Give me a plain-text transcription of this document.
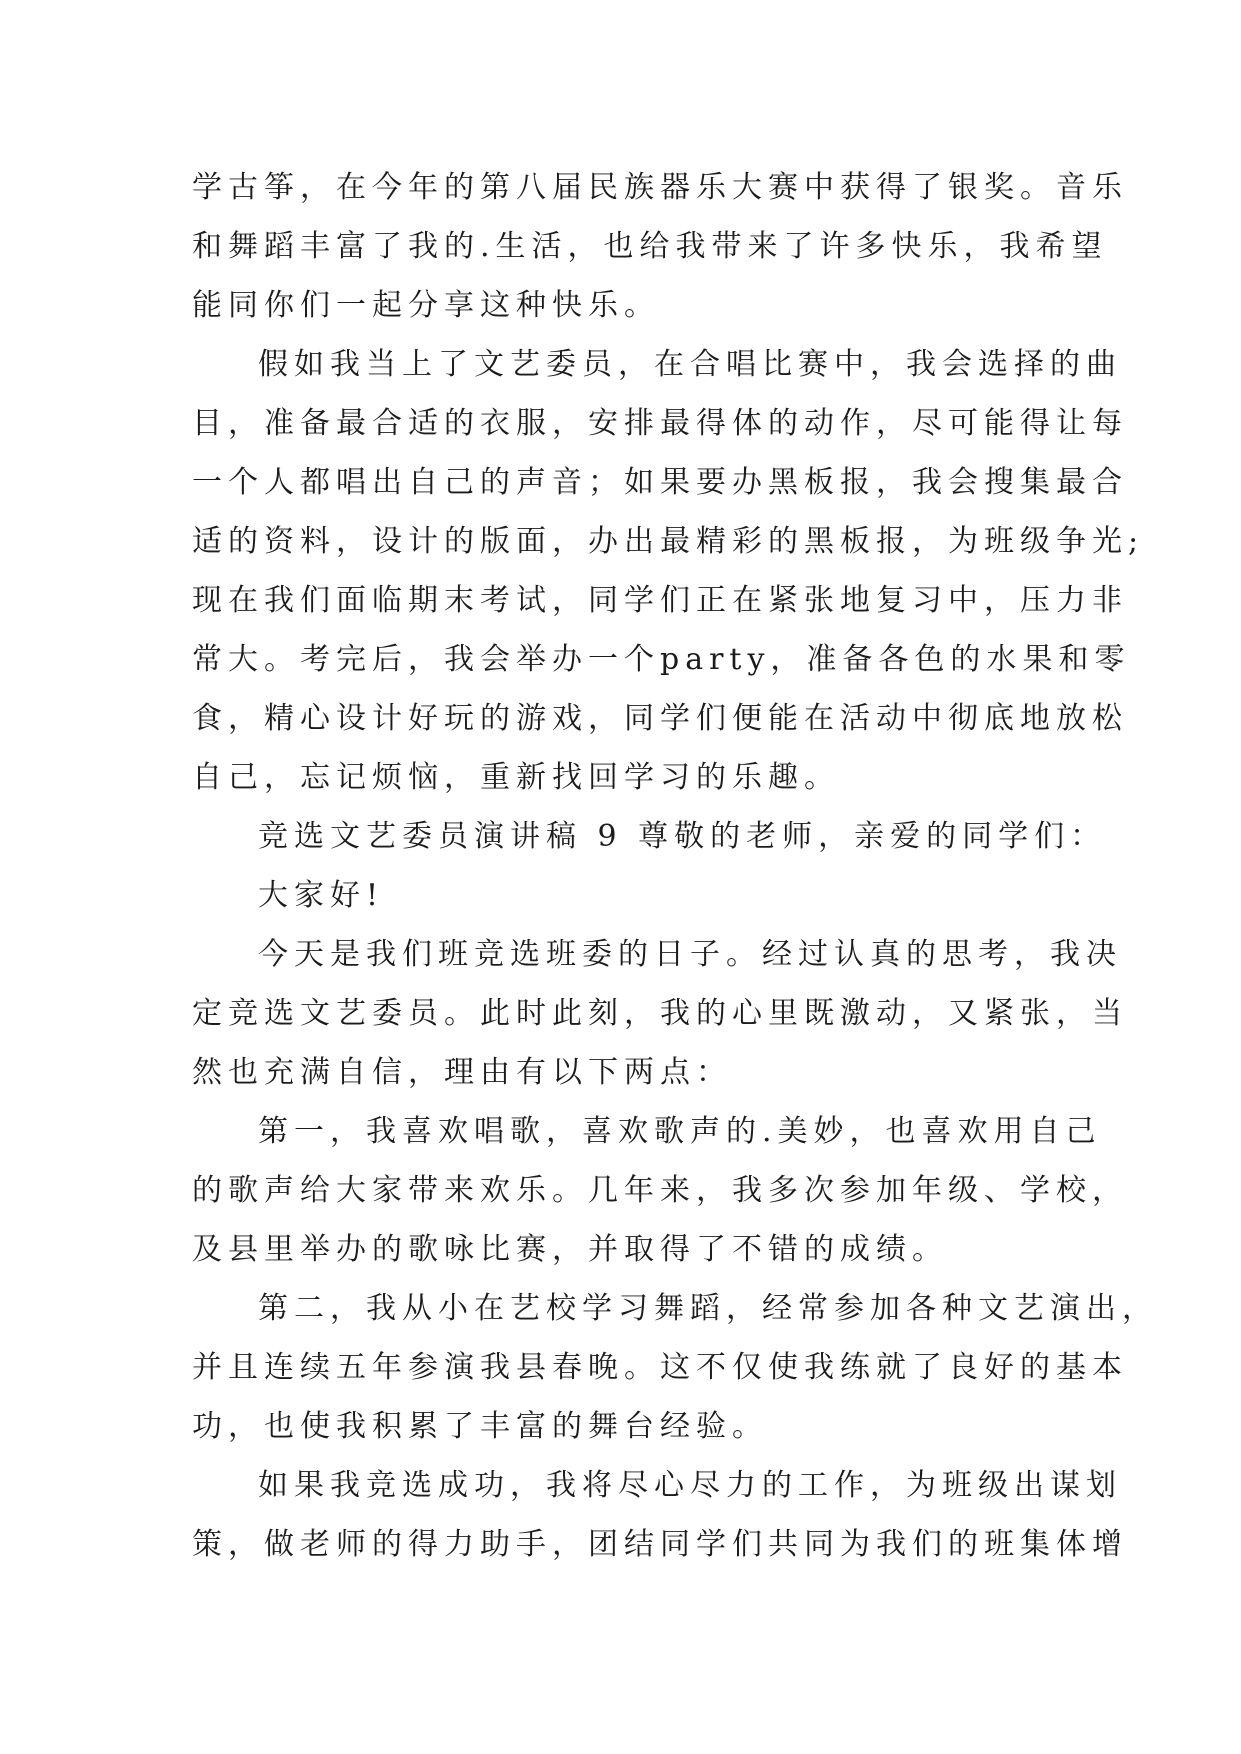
学古筝，在今年的第八届民族器乐大赛中获得了银奖。音乐
和舞蹈丰富了我的.生活，也给我带来了许多快乐，我希望
能同你们一起分享这种快乐。
假如我当上了文艺委员，在合唱比赛中，我会选择的曲
目，准备最合适的衣服，安排最得体的动作，尽可能得让每
一个人都唱出自己的声音；如果要办黑板报，我会搜集最合
适的资料，设计的版面，办出最精彩的黑板报，为班级争光;
现在我们面临期末考试，同学们正在紧张地复习中，压力非
常大。考完后，我会举办一个party，准备各色的水果和零
食，精心设计好玩的游戏，同学们便能在活动中彻底地放松
自己，忘记烦恼，重新找回学习的乐趣。
竞选文艺委员演讲稿 9 尊敬的老师，亲爱的同学们：
大家好!
今天是我们班竞选班委的日子。经过认真的思考，我决
定竞选文艺委员。此时此刻，我的心里既激动，又紧张，当
然也充满自信，理由有以下两点：
第一，我喜欢唱歌，喜欢歌声的.美妙，也喜欢用自己
的歌声给大家带来欢乐。几年来，我多次参加年级、学校，
及县里举办的歌咏比赛，并取得了不错的成绩。
第二，我从小在艺校学习舞蹈，经常参加各种文艺演出，
并且连续五年参演我县春晚。这不仅使我练就了良好的基本
功，也使我积累了丰富的舞台经验。
如果我竞选成功，我将尽心尽力的工作，为班级出谋划
策，做老师的得力助手，团结同学们共同为我们的班集体增
